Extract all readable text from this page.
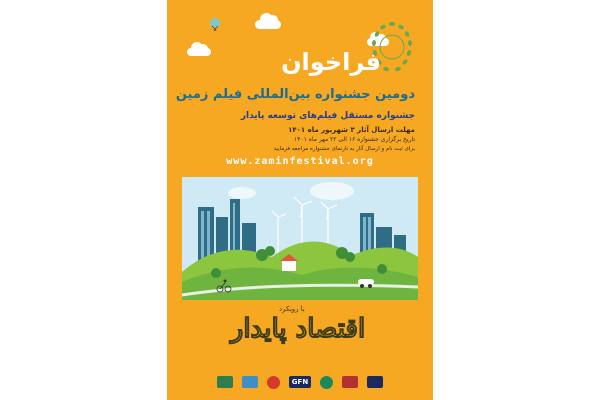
فراخوان
دومین جشنواره بین‌المللی فیلم زمین
جشنواره مستقل فیلم‌های توسعه پایدار
مهلت ارسال آثار ۳ شهریور ماه ۱۴۰۱
تاریخ برگزاری جشنواره ۱۶ الی ۲۲ مهر ماه ۱۴۰۱
برای ثبت نام و ارسال آثار به تارنمای جشنواره مراجعه فرمایید
www.zaminfestival.org
با رویکرد
اقتصاد پایدار
GFN
